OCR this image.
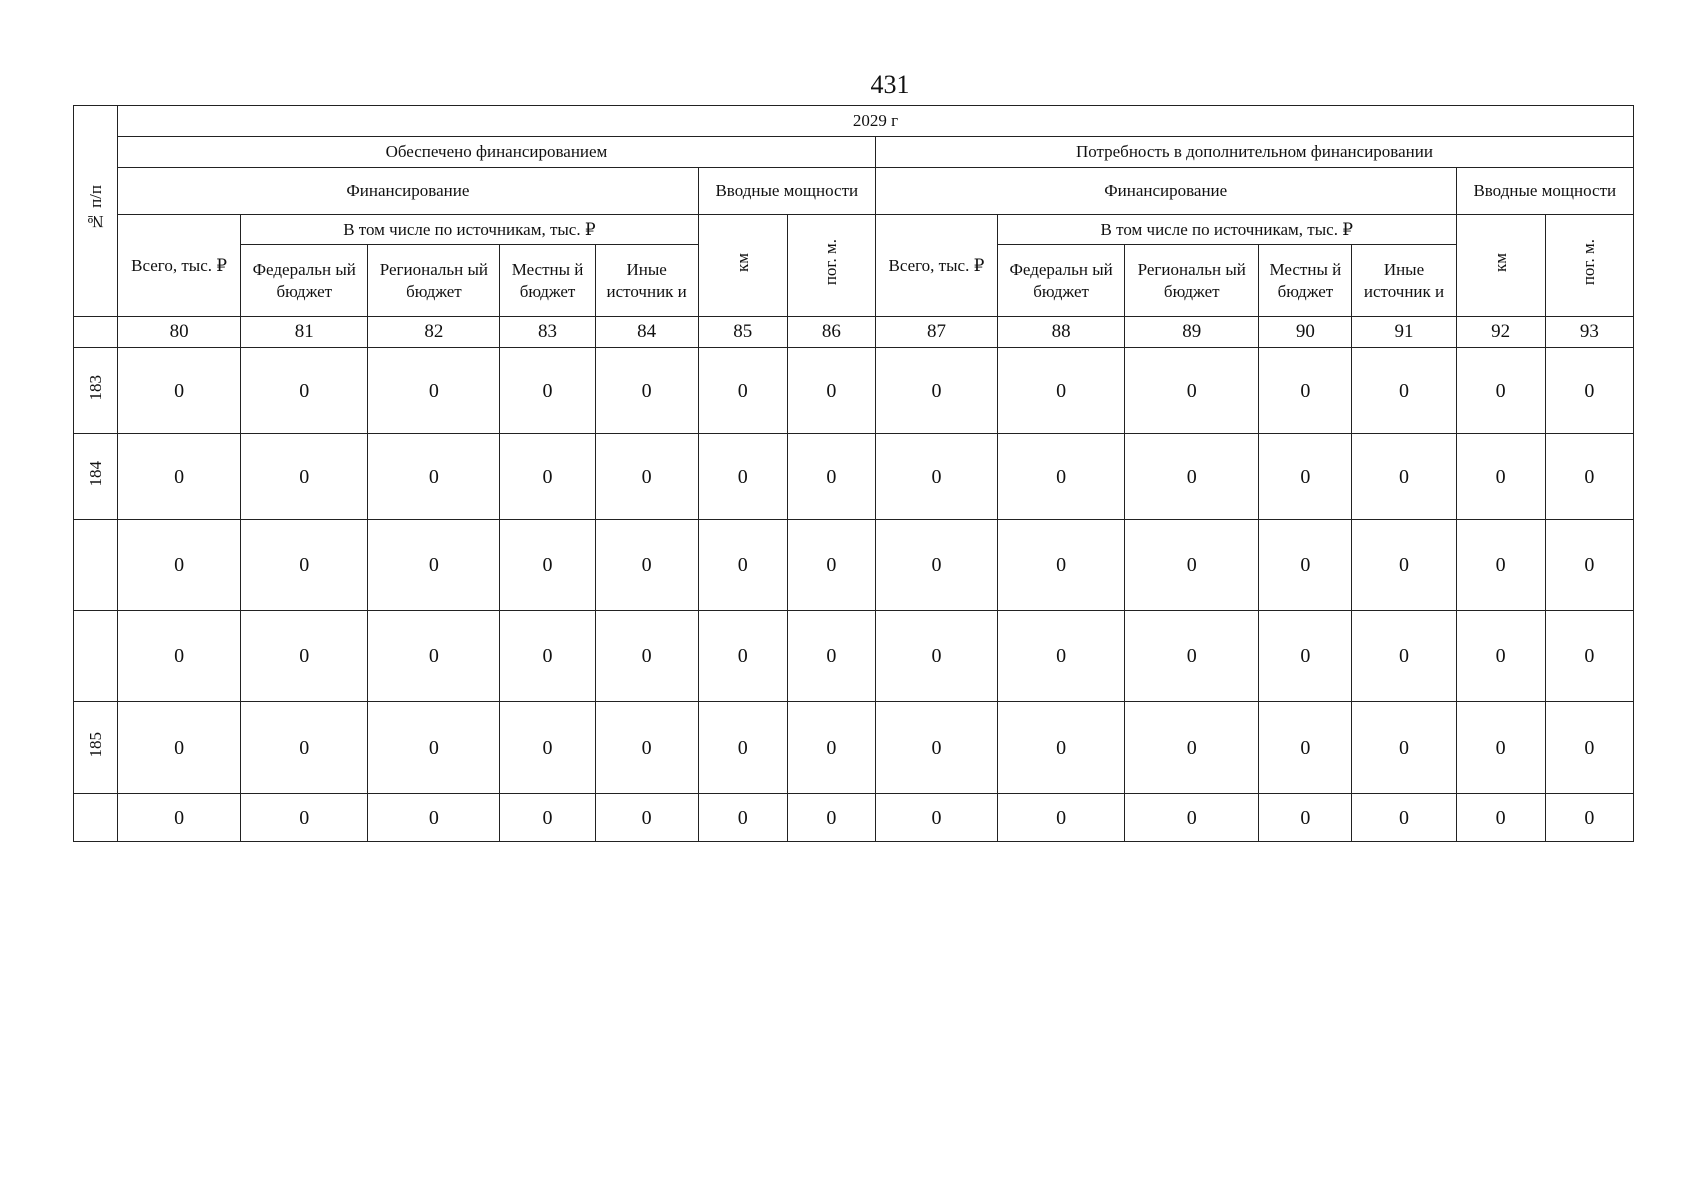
431
№ п/п	2029 г													
	Обеспечено финансированием							Потребность в дополнительном финансировании						
	Финансирование					Вводные мощности		Финансирование					Вводные мощности	
	Всего, тыс. ₽	В том числе по источникам, тыс. ₽				км	пог. м.	Всего, тыс. ₽	В том числе по источникам, тыс. ₽				км	пог. м.
		Федеральн ый бюджет	Региональн ый бюджет	Местны й бюджет	Иные источник и				Федеральн ый бюджет	Региональн ый бюджет	Местны й бюджет	Иные источник и		
	80	81	82	83	84	85	86	87	88	89	90	91	92	93
183	0	0	0	0	0	0	0	0	0	0	0	0	0	0
184	0	0	0	0	0	0	0	0	0	0	0	0	0	0
	0	0	0	0	0	0	0	0	0	0	0	0	0	0
	0	0	0	0	0	0	0	0	0	0	0	0	0	0
185	0	0	0	0	0	0	0	0	0	0	0	0	0	0
	0	0	0	0	0	0	0	0	0	0	0	0	0	0
